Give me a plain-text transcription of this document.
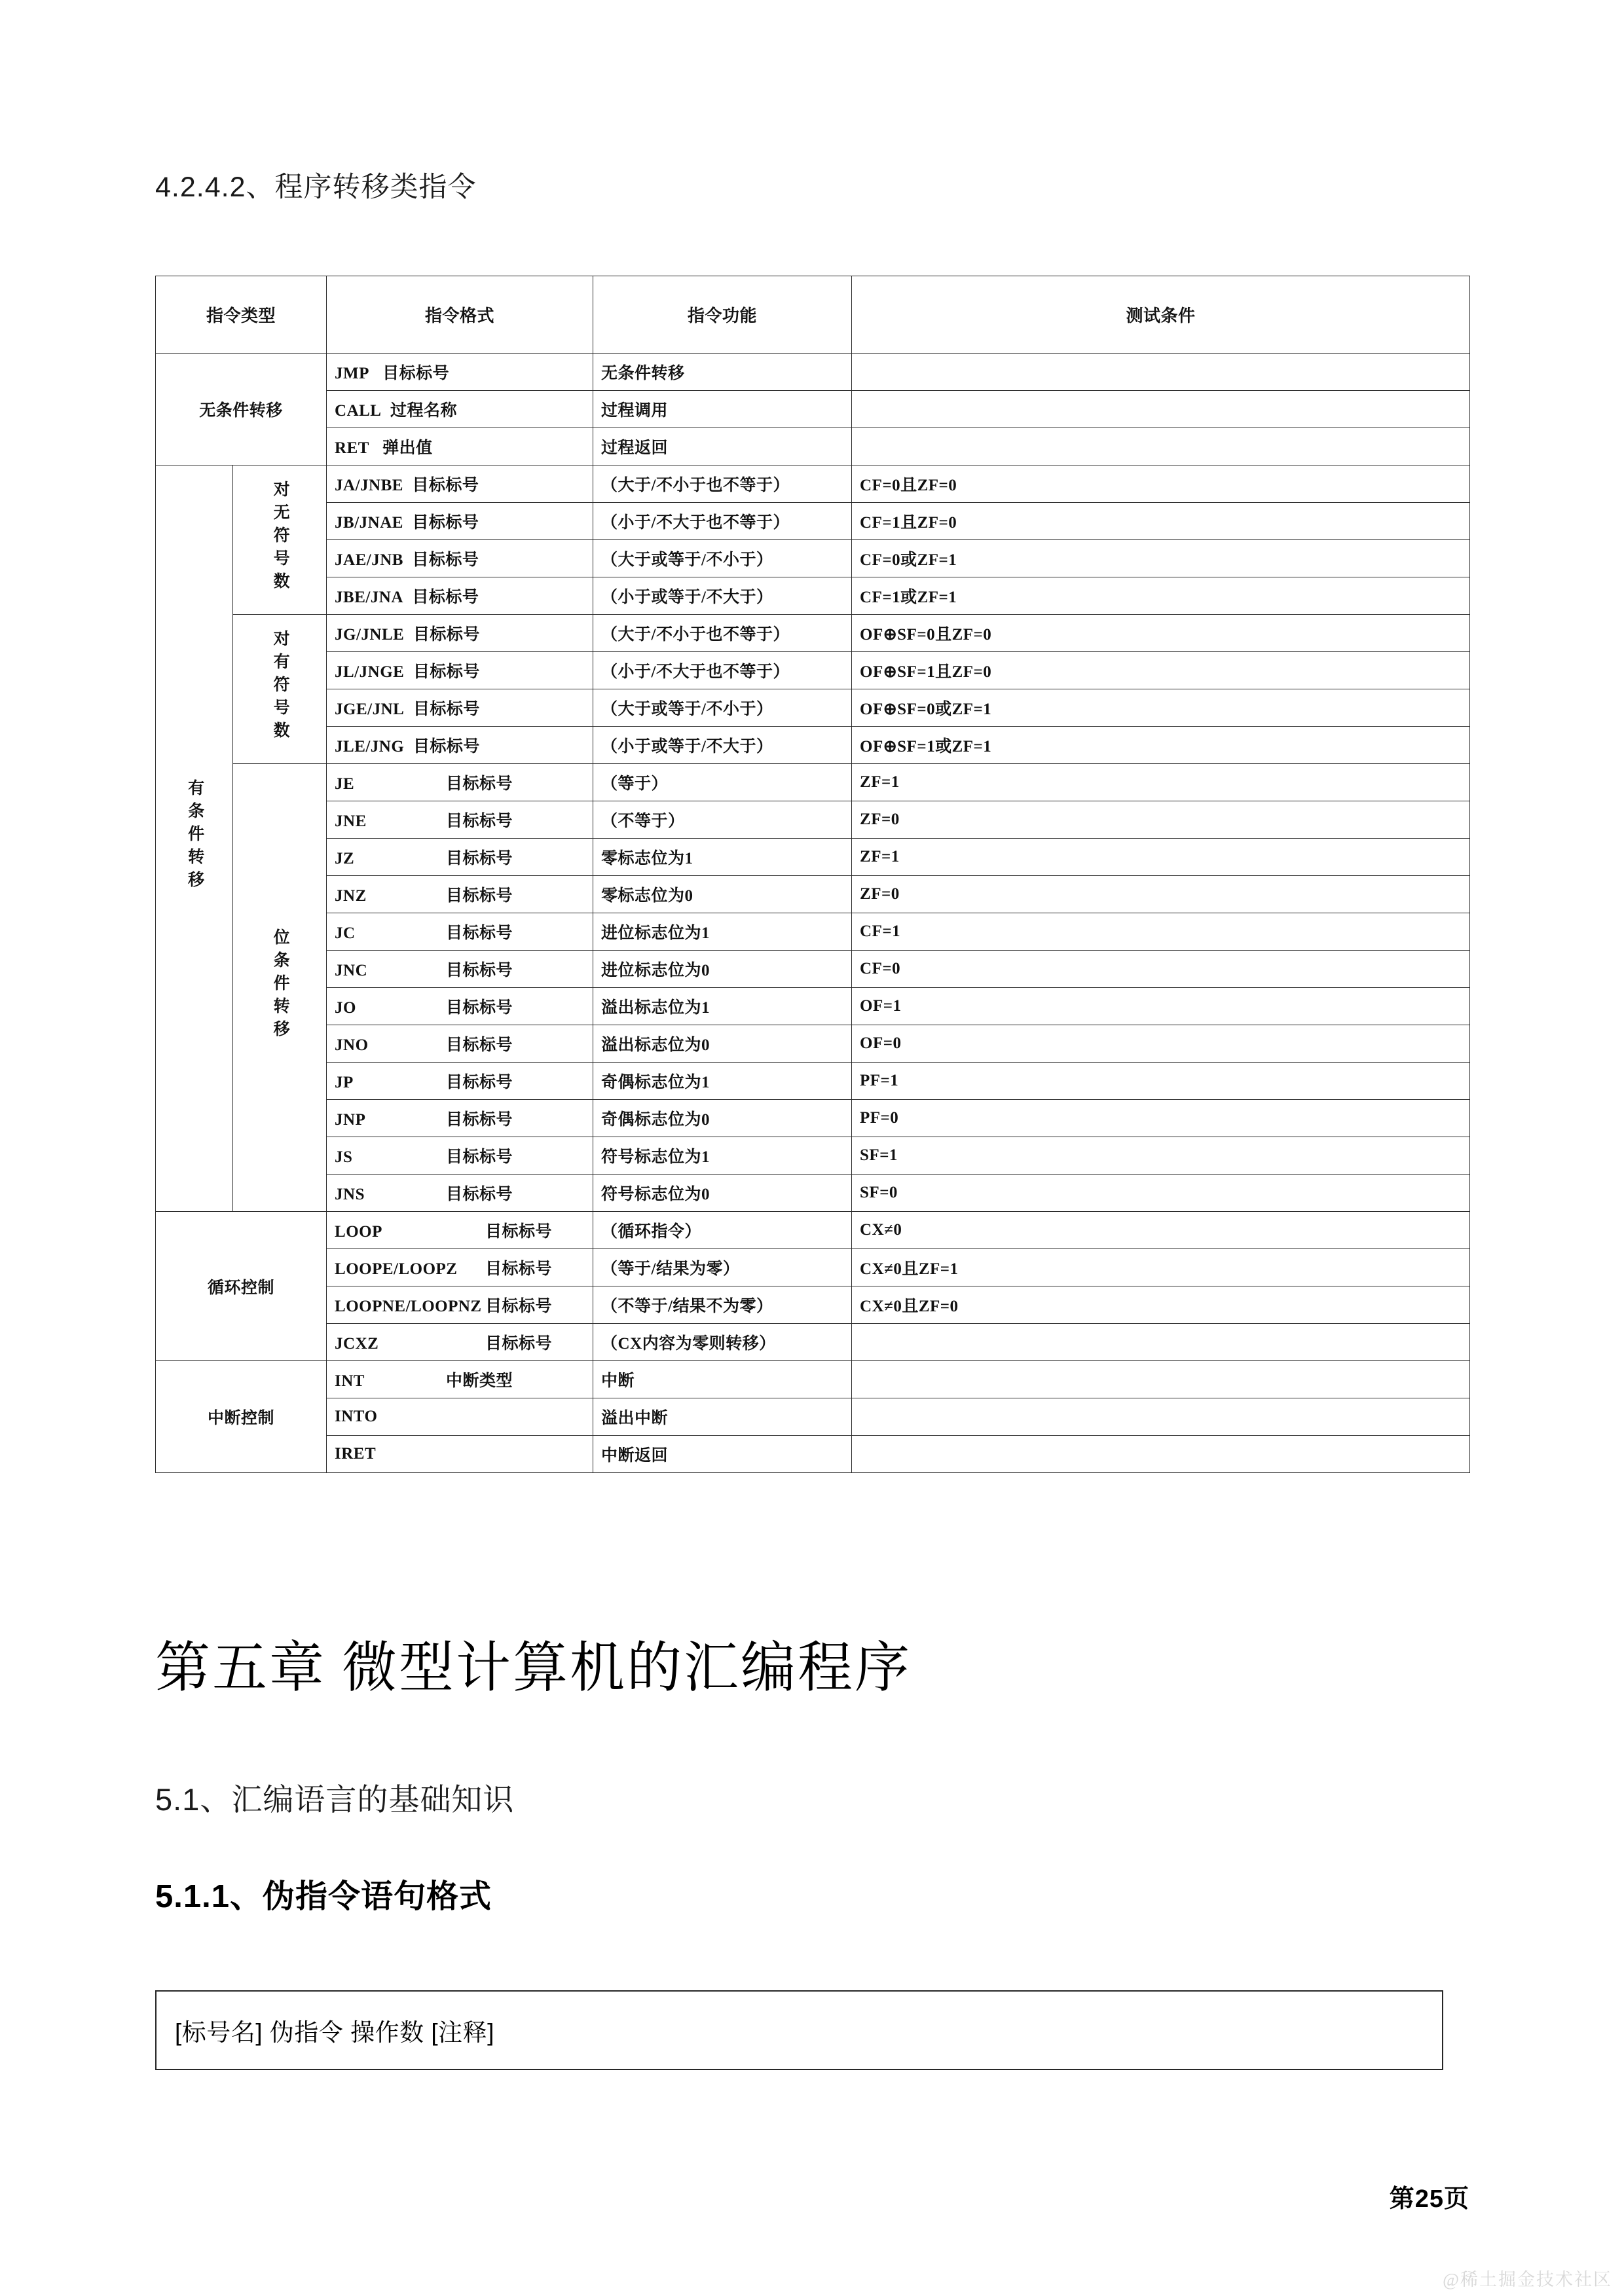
4.2.4.2、程序转移类指令
指令类型		指令格式	指令功能	测试条件
无条件转移		JMP 目标标号	无条件转移	
		CALL 过程名称	过程调用	
		RET 弹出值	过程返回	
有条件转移	对无符号数	JA/JNBE 目标标号	（大于/不小于也不等于）	CF=0且ZF=0
		JB/JNAE 目标标号	（小于/不大于也不等于）	CF=1且ZF=0
		JAE/JNB 目标标号	（大于或等于/不小于）	CF=0或ZF=1
		JBE/JNA 目标标号	（小于或等于/不大于）	CF=1或ZF=1
	对有符号数	JG/JNLE 目标标号	（大于/不小于也不等于）	OF⊕SF=0且ZF=0
		JL/JNGE 目标标号	（小于/不大于也不等于）	OF⊕SF=1且ZF=0
		JGE/JNL 目标标号	（大于或等于/不小于）	OF⊕SF=0或ZF=1
		JLE/JNG 目标标号	（小于或等于/不大于）	OF⊕SF=1或ZF=1
	位条件转移	JE 目标标号	（等于）	ZF=1
		JNE 目标标号	（不等于）	ZF=0
		JZ 目标标号	零标志位为1	ZF=1
		JNZ 目标标号	零标志位为0	ZF=0
		JC 目标标号	进位标志位为1	CF=1
		JNC 目标标号	进位标志位为0	CF=0
		JO 目标标号	溢出标志位为1	OF=1
		JNO 目标标号	溢出标志位为0	OF=0
		JP 目标标号	奇偶标志位为1	PF=1
		JNP 目标标号	奇偶标志位为0	PF=0
		JS 目标标号	符号标志位为1	SF=1
		JNS 目标标号	符号标志位为0	SF=0
循环控制		LOOP 目标标号	（循环指令）	CX≠0
		LOOPE/LOOPZ 目标标号	（等于/结果为零）	CX≠0且ZF=1
		LOOPNE/LOOPNZ 目标标号	（不等于/结果不为零）	CX≠0且ZF=0
		JCXZ 目标标号	（CX内容为零则转移）	
中断控制		INT 中断类型	中断	
		INTO	溢出中断	
		IRET	中断返回	
第五章 微型计算机的汇编程序
5.1、汇编语言的基础知识
5.1.1、伪指令语句格式
[标号名] 伪指令 操作数 [注释]
第25页
@稀土掘金技术社区
